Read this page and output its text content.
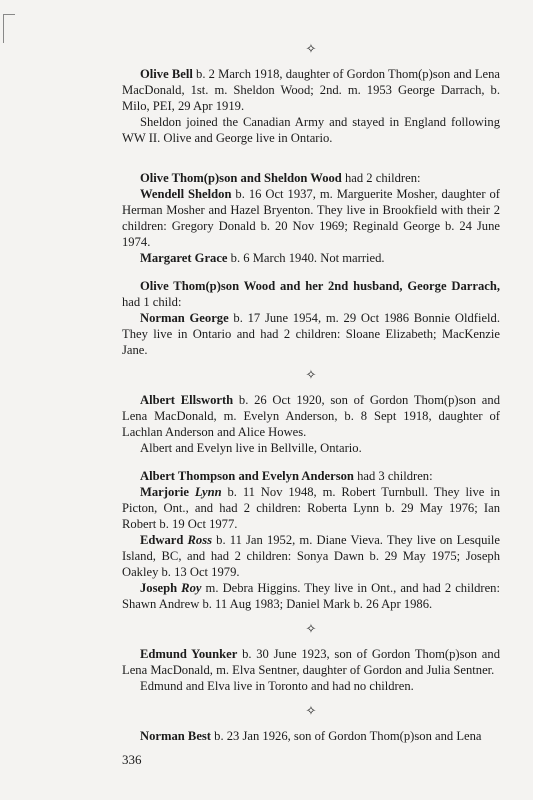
✧

Olive Bell b. 2 March 1918, daughter of Gordon Thom(p)son and Lena MacDonald, 1st. m. Sheldon Wood; 2nd. m. 1953 George Darrach, b. Milo, PEI, 29 Apr 1919.

Sheldon joined the Canadian Army and stayed in England following WW II. Olive and George live in Ontario.

Olive Thom(p)son and Sheldon Wood had 2 children:

Wendell Sheldon b. 16 Oct 1937, m. Marguerite Mosher, daughter of Herman Mosher and Hazel Bryenton. They live in Brookfield with their 2 children: Gregory Donald b. 20 Nov 1969; Reginald George b. 24 June 1974.

Margaret Grace b. 6 March 1940. Not married.

Olive Thom(p)son Wood and her 2nd husband, George Darrach, had 1 child:

Norman George b. 17 June 1954, m. 29 Oct 1986 Bonnie Oldfield. They live in Ontario and had 2 children: Sloane Elizabeth; MacKenzie Jane.

✧

Albert Ellsworth b. 26 Oct 1920, son of Gordon Thom(p)son and Lena MacDonald, m. Evelyn Anderson, b. 8 Sept 1918, daughter of Lachlan Anderson and Alice Howes.

Albert and Evelyn live in Bellville, Ontario.

Albert Thompson and Evelyn Anderson had 3 children:

Marjorie Lynn b. 11 Nov 1948, m. Robert Turnbull. They live in Picton, Ont., and had 2 children: Roberta Lynn b. 29 May 1976; Ian Robert b. 19 Oct 1977.

Edward Ross b. 11 Jan 1952, m. Diane Vieva. They live on Lesquile Island, BC, and had 2 children: Sonya Dawn b. 29 May 1975; Joseph Oakley b. 13 Oct 1979.

Joseph Roy m. Debra Higgins. They live in Ont., and had 2 children: Shawn Andrew b. 11 Aug 1983; Daniel Mark b. 26 Apr 1986.

✧

Edmund Younker b. 30 June 1923, son of Gordon Thom(p)son and Lena MacDonald, m. Elva Sentner, daughter of Gordon and Julia Sentner.

Edmund and Elva live in Toronto and had no children.

✧

Norman Best b. 23 Jan 1926, son of Gordon Thom(p)son and Lena

336
